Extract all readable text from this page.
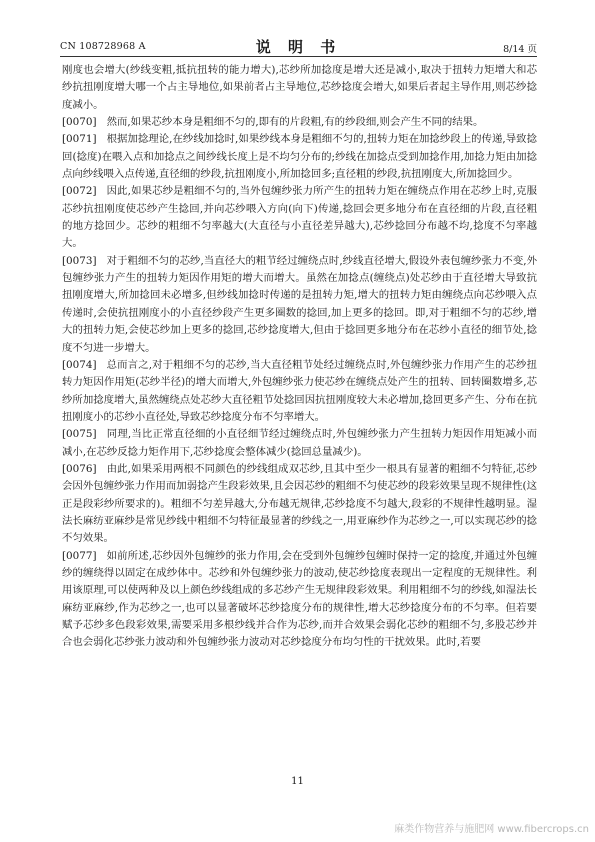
CN 108728968 A	说 明 书	8/14 页

刚度也会增大(纱线变粗,抵抗扭转的能力增大),芯纱所加捻度是增大还是减小,取决于扭转力矩增大和芯纱抗扭刚度增大哪一个占主导地位,如果前者占主导地位,芯纱捻度会增大,如果后者起主导作用,则芯纱捻度减小。

[0070] 然而,如果芯纱本身是粗细不匀的,即有的片段粗,有的纱段细,则会产生不同的结果。

[0071] 根据加捻理论,在纱线加捻时,如果纱线本身是粗细不匀的,扭转力矩在加捻纱段上的传递,导致捻回(捻度)在喂入点和加捻点之间纱线长度上是不均匀分布的;纱线在加捻点受到加捻作用,加捻力矩由加捻点向纱线喂入点传递,直径细的纱段,抗扭刚度小,所加捻回多;直径粗的纱段,抗扭刚度大,所加捻回少。

[0072] 因此,如果芯纱是粗细不匀的,当外包缠纱张力所产生的扭转力矩在缠绕点作用在芯纱上时,克服芯纱抗扭刚度使芯纱产生捻回,并向芯纱喂入方向(向下)传递,捻回会更多地分布在直径细的片段,直径粗的地方捻回少。芯纱的粗细不匀率越大(大直径与小直径差异越大),芯纱捻回分布越不均,捻度不匀率越大。

[0073] 对于粗细不匀的芯纱,当直径大的粗节经过缠绕点时,纱线直径增大,假设外表包缠纱张力不变,外包缠纱张力产生的扭转力矩因作用矩的增大而增大。虽然在加捻点(缠绕点)处芯纱由于直径增大导致抗扭刚度增大,所加捻回未必增多,但纱线加捻时传递的是扭转力矩,增大的扭转力矩由缠绕点向芯纱喂入点传递时,会使抗扭刚度小的小直径纱段产生更多圈数的捻回,加上更多的捻回。即,对于粗细不匀的芯纱,增大的扭转力矩,会使芯纱加上更多的捻回,芯纱捻度增大,但由于捻回更多地分布在芯纱小直径的细节处,捻度不匀进一步增大。

[0074] 总而言之,对于粗细不匀的芯纱,当大直径粗节处经过缠绕点时,外包缠纱张力作用产生的芯纱扭转力矩因作用矩(芯纱半径)的增大而增大,外包缠纱张力使芯纱在缠绕点处产生的扭转、回转圈数增多,芯纱所加捻度增大,虽然缠绕点处芯纱大直径粗节处捻回因抗扭刚度较大未必增加,捻回更多产生、分布在抗扭刚度小的芯纱小直径处,导致芯纱捻度分布不匀率增大。

[0075] 同理,当比正常直径细的小直径细节经过缠绕点时,外包缠纱张力产生扭转力矩因作用矩减小而减小,在芯纱反捻力矩作用下,芯纱捻度会整体减少(捻回总量减少)。

[0076] 由此,如果采用两根不同颜色的纱线组成双芯纱,且其中至少一根具有显著的粗细不匀特征,芯纱会因外包缠纱张力作用而加弱捻产生段彩效果,且会因芯纱的粗细不匀使芯纱的段彩效果呈现不规律性(这正是段彩纱所要求的)。粗细不匀差异越大,分布越无规律,芯纱捻度不匀越大,段彩的不规律性越明显。湿法长麻纺亚麻纱是常见纱线中粗细不匀特征最显著的纱线之一,用亚麻纱作为芯纱之一,可以实现芯纱的捻不匀效果。

[0077] 如前所述,芯纱因外包缠纱的张力作用,会在受到外包缠纱包缠时保持一定的捻度,并通过外包缠纱的缠绕得以固定在成纱体中。芯纱和外包缠纱张力的波动,使芯纱捻度表现出一定程度的无规律性。利用该原理,可以使两种及以上颜色纱线组成的多芯纱产生无规律段彩效果。利用粗细不匀的纱线,如湿法长麻纺亚麻纱,作为芯纱之一,也可以显著破坏芯纱捻度分布的规律性,增大芯纱捻度分布的不匀率。但若要赋予芯纱多色段彩效果,需要采用多根纱线并合作为芯纱,而并合效果会弱化芯纱的粗细不匀,多股芯纱并合也会弱化芯纱张力波动和外包缠纱张力波动对芯纱捻度分布均匀性的干扰效果。此时,若要

11
麻类作物营养与施肥网 www.fibercrops.cn
